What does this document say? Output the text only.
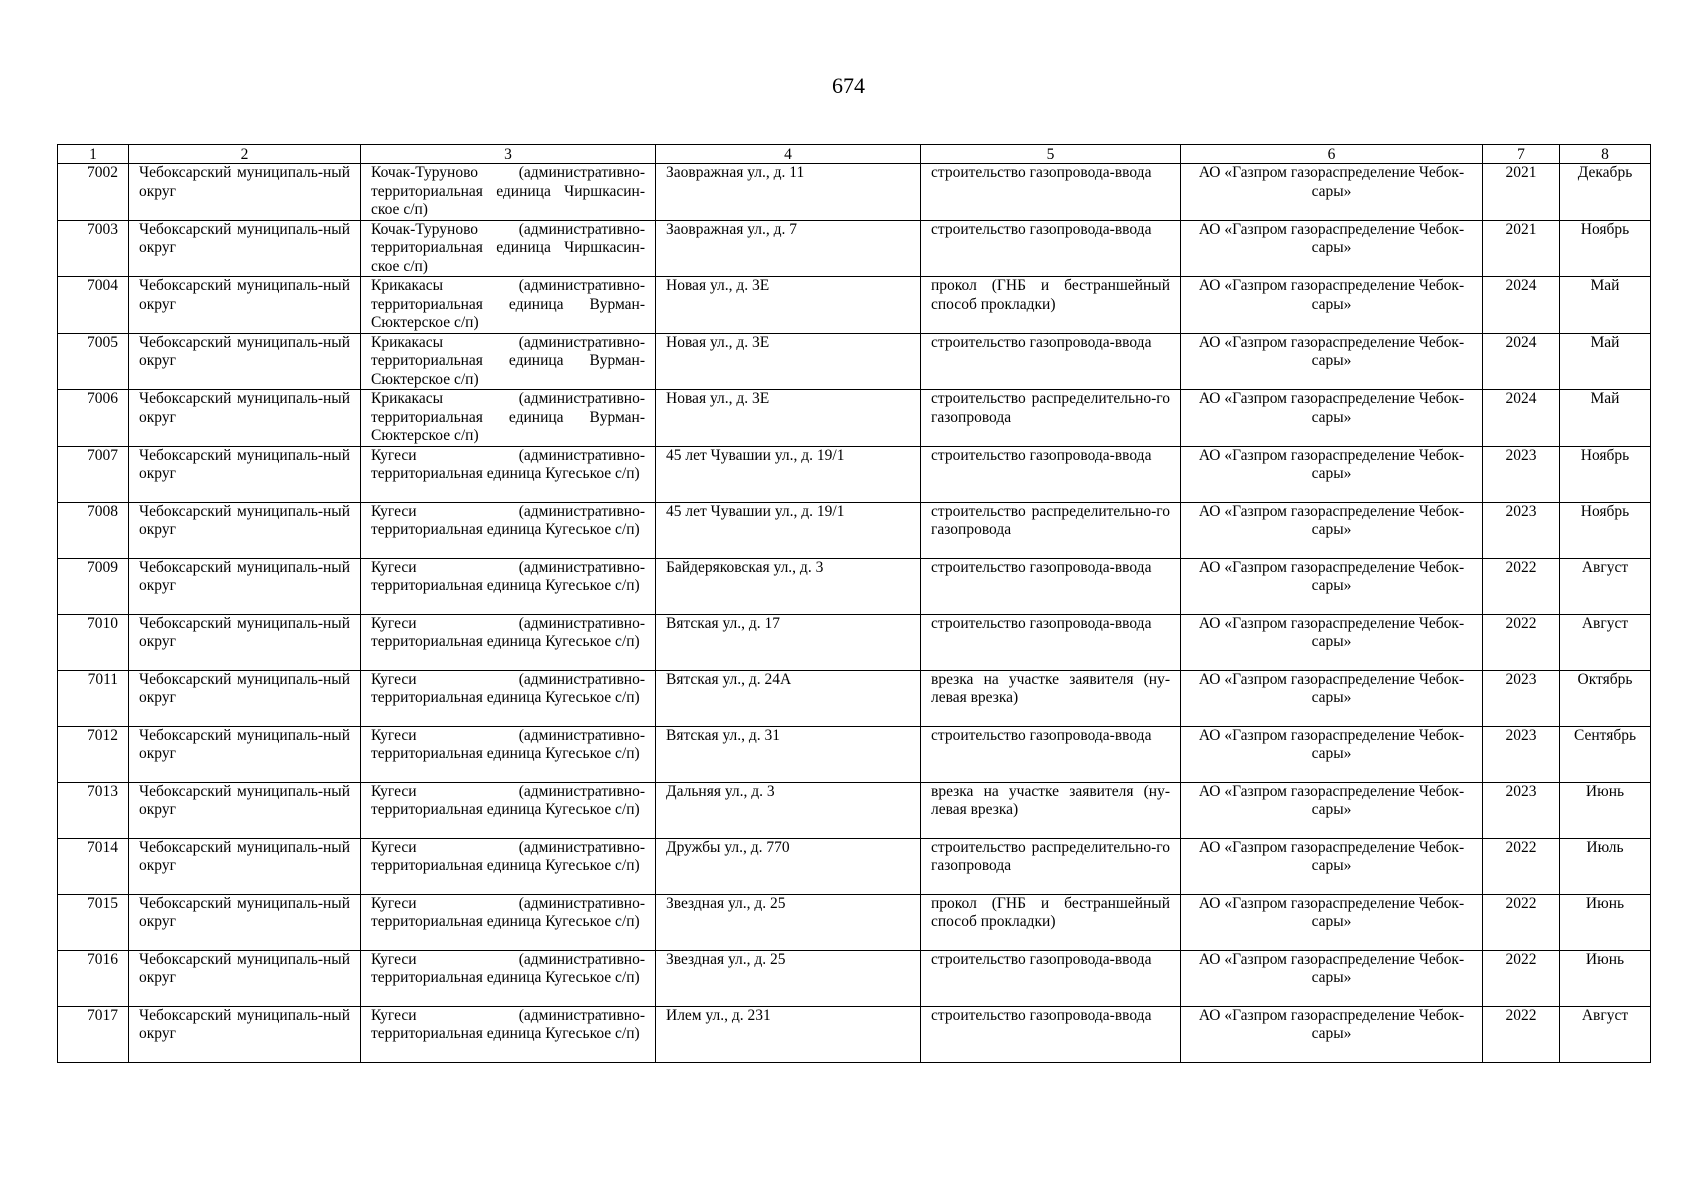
674
1	2	3	4	5	6	7	8
7002	Чебоксарский муниципаль-ный округ	Кочак-Туруново (административно-территориальная единица Чиршкасин-ское с/п)	Заовражная ул., д. 11	строительство газопровода-ввода	АО «Газпром газораспределение Чебок-сары»	2021	Декабрь
7003	Чебоксарский муниципаль-ный округ	Кочак-Туруново (административно-территориальная единица Чиршкасин-ское с/п)	Заовражная ул., д. 7	строительство газопровода-ввода	АО «Газпром газораспределение Чебок-сары»	2021	Ноябрь
7004	Чебоксарский муниципаль-ный округ	Крикакасы (административно-территориальная единица Вурман-Сюктерское с/п)	Новая ул., д. 3Е	прокол (ГНБ и бестраншейный способ прокладки)	АО «Газпром газораспределение Чебок-сары»	2024	Май
7005	Чебоксарский муниципаль-ный округ	Крикакасы (административно-территориальная единица Вурман-Сюктерское с/п)	Новая ул., д. 3Е	строительство газопровода-ввода	АО «Газпром газораспределение Чебок-сары»	2024	Май
7006	Чебоксарский муниципаль-ный округ	Крикакасы (административно-территориальная единица Вурман-Сюктерское с/п)	Новая ул., д. 3Е	строительство распределительно-го газопровода	АО «Газпром газораспределение Чебок-сары»	2024	Май
7007	Чебоксарский муниципаль-ный округ	Кугеси (административно-территориальная единица Кугеськое с/п)	45 лет Чувашии ул., д. 19/1	строительство газопровода-ввода	АО «Газпром газораспределение Чебок-сары»	2023	Ноябрь
7008	Чебоксарский муниципаль-ный округ	Кугеси (административно-территориальная единица Кугеськое с/п)	45 лет Чувашии ул., д. 19/1	строительство распределительно-го газопровода	АО «Газпром газораспределение Чебок-сары»	2023	Ноябрь
7009	Чебоксарский муниципаль-ный округ	Кугеси (административно-территориальная единица Кугеськое с/п)	Байдеряковская ул., д. 3	строительство газопровода-ввода	АО «Газпром газораспределение Чебок-сары»	2022	Август
7010	Чебоксарский муниципаль-ный округ	Кугеси (административно-территориальная единица Кугеськое с/п)	Вятская ул., д. 17	строительство газопровода-ввода	АО «Газпром газораспределение Чебок-сары»	2022	Август
7011	Чебоксарский муниципаль-ный округ	Кугеси (административно-территориальная единица Кугеськое с/п)	Вятская ул., д. 24А	врезка на участке заявителя (ну-левая врезка)	АО «Газпром газораспределение Чебок-сары»	2023	Октябрь
7012	Чебоксарский муниципаль-ный округ	Кугеси (административно-территориальная единица Кугеськое с/п)	Вятская ул., д. 31	строительство газопровода-ввода	АО «Газпром газораспределение Чебок-сары»	2023	Сентябрь
7013	Чебоксарский муниципаль-ный округ	Кугеси (административно-территориальная единица Кугеськое с/п)	Дальняя ул., д. 3	врезка на участке заявителя (ну-левая врезка)	АО «Газпром газораспределение Чебок-сары»	2023	Июнь
7014	Чебоксарский муниципаль-ный округ	Кугеси (административно-территориальная единица Кугеськое с/п)	Дружбы ул., д. 770	строительство распределительно-го газопровода	АО «Газпром газораспределение Чебок-сары»	2022	Июль
7015	Чебоксарский муниципаль-ный округ	Кугеси (административно-территориальная единица Кугеськое с/п)	Звездная ул., д. 25	прокол (ГНБ и бестраншейный способ прокладки)	АО «Газпром газораспределение Чебок-сары»	2022	Июнь
7016	Чебоксарский муниципаль-ный округ	Кугеси (административно-территориальная единица Кугеськое с/п)	Звездная ул., д. 25	строительство газопровода-ввода	АО «Газпром газораспределение Чебок-сары»	2022	Июнь
7017	Чебоксарский муниципаль-ный округ	Кугеси (административно-территориальная единица Кугеськое с/п)	Илем ул., д. 231	строительство газопровода-ввода	АО «Газпром газораспределение Чебок-сары»	2022	Август
